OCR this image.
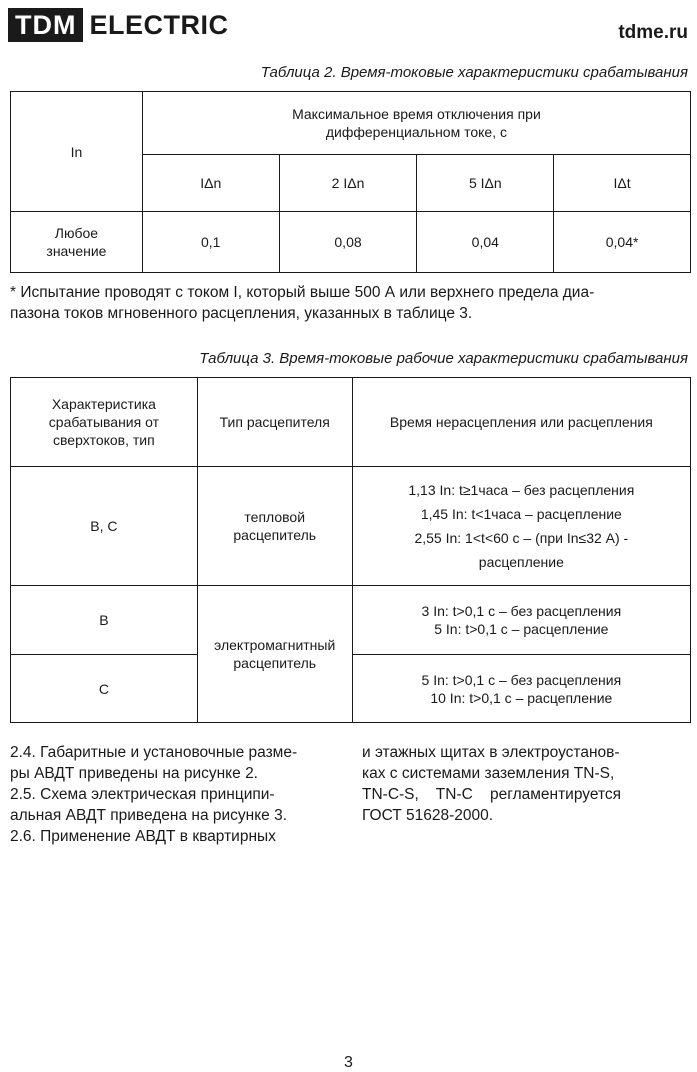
TDM ELECTRIC	tdme.ru
Таблица 2. Время-токовые характеристики срабатывания
In	Максимальное время отключения при
дифференциальном токе, с			

	IΔn	2 IΔn	5 IΔn	IΔt

Любое
значение	0,1	0,08	0,04	0,04*
* Испытание проводят с током I, который выше 500 А или верхнего предела диа-
пазона токов мгновенного расцепления, указанных в таблице 3.
Таблица 3. Время-токовые рабочие характеристики срабатывания
Характеристика
срабатывания от
сверхтоков, тип	Тип расцепителя	Время нерасцепления или расцепления
B, C	тепловой
расцепитель	1,13 In: t≥1часа – без расцепления
1,45 In: t<1часа – расцепление
2,55 In: 1<t<60 с – (при In≤32 А) -
расцепление

B	электромагнитный
расцепитель	3 In: t>0,1 с – без расцепления
5 In: t>0,1 с – расцепление

C		5 In: t>0,1 с – без расцепления
10 In: t>0,1 с – расцепление

2.4. Габаритные и установочные разме-

ры АВДТ приведены на рисунке 2.

2.5. Схема электрическая принципи-

альная АВДТ приведена на рисунке 3.

2.6. Применение АВДТ в квартирных

и этажных щитах в электроустанов-

ках с системами заземления TN-S,

TN-C-S,    TN-C    регламентируется

ГОСТ 51628-2000.

3
